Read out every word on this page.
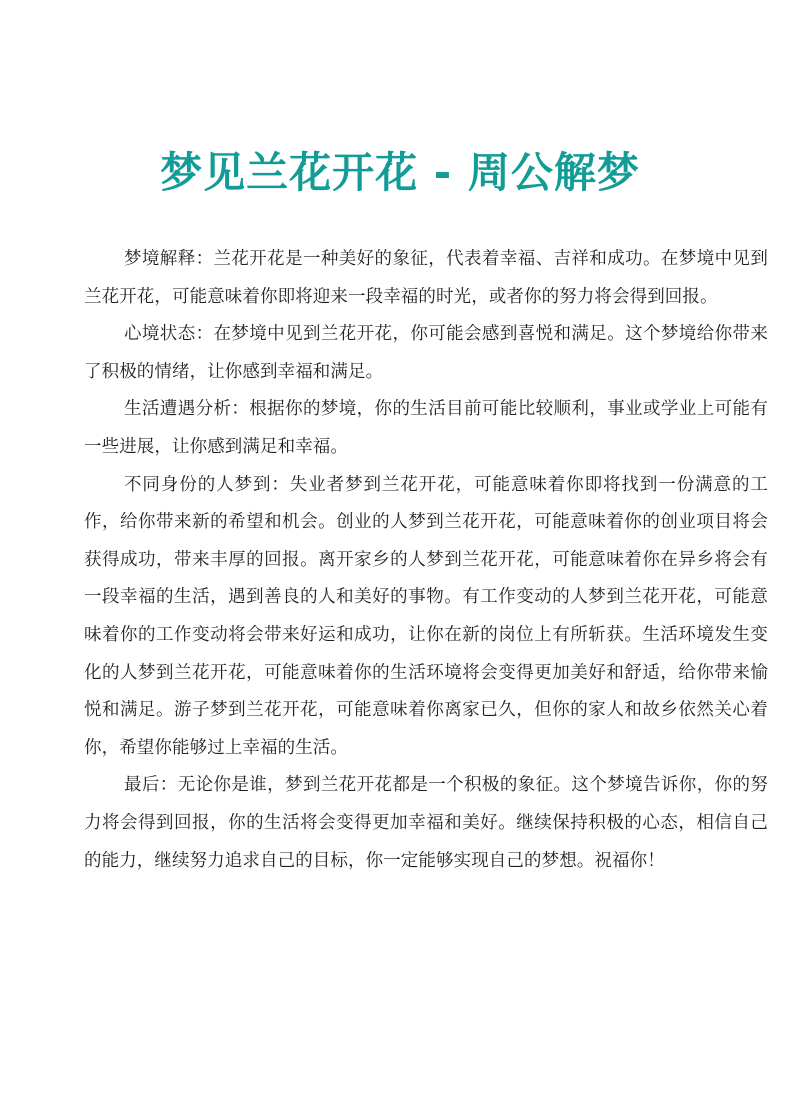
梦见兰花开花 - 周公解梦

梦境解释：兰花开花是一种美好的象征，代表着幸福、吉祥和成功。在梦境中见到兰花开花，可能意味着你即将迎来一段幸福的时光，或者你的努力将会得到回报。

心境状态：在梦境中见到兰花开花，你可能会感到喜悦和满足。这个梦境给你带来了积极的情绪，让你感到幸福和满足。

生活遭遇分析：根据你的梦境，你的生活目前可能比较顺利，事业或学业上可能有一些进展，让你感到满足和幸福。

不同身份的人梦到：失业者梦到兰花开花，可能意味着你即将找到一份满意的工作，给你带来新的希望和机会。创业的人梦到兰花开花，可能意味着你的创业项目将会获得成功，带来丰厚的回报。离开家乡的人梦到兰花开花，可能意味着你在异乡将会有一段幸福的生活，遇到善良的人和美好的事物。有工作变动的人梦到兰花开花，可能意味着你的工作变动将会带来好运和成功，让你在新的岗位上有所斩获。生活环境发生变化的人梦到兰花开花，可能意味着你的生活环境将会变得更加美好和舒适，给你带来愉悦和满足。游子梦到兰花开花，可能意味着你离家已久，但你的家人和故乡依然关心着你，希望你能够过上幸福的生活。

最后：无论你是谁，梦到兰花开花都是一个积极的象征。这个梦境告诉你，你的努力将会得到回报，你的生活将会变得更加幸福和美好。继续保持积极的心态，相信自己的能力，继续努力追求自己的目标，你一定能够实现自己的梦想。祝福你！
